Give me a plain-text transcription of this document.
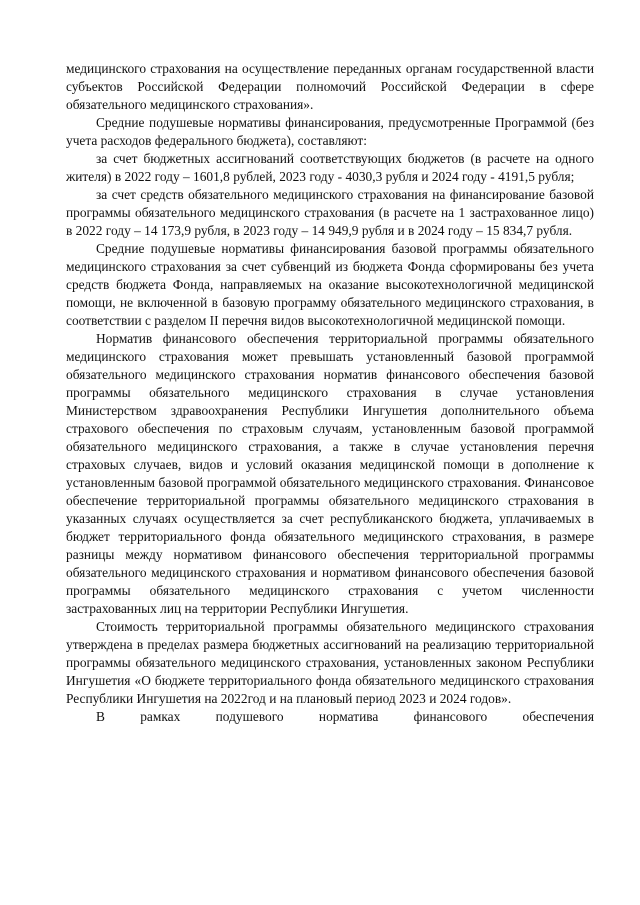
медицинского страхования на осуществление переданных органам государственной власти субъектов Российской Федерации полномочий Российской Федерации в сфере обязательного медицинского страхования».

Средние подушевые нормативы финансирования, предусмотренные Программой (без учета расходов федерального бюджета), составляют:

за счет бюджетных ассигнований соответствующих бюджетов (в расчете на одного жителя) в 2022 году – 1601,8 рублей, 2023 году - 4030,3 рубля и 2024 году - 4191,5 рубля;

за счет средств обязательного медицинского страхования на финансирование базовой программы обязательного медицинского страхования (в расчете на 1 застрахованное лицо) в 2022 году – 14 173,9 рубля, в 2023 году – 14 949,9 рубля и в 2024 году – 15 834,7 рубля.

Средние подушевые нормативы финансирования базовой программы обязательного медицинского страхования за счет субвенций из бюджета Фонда сформированы без учета средств бюджета Фонда, направляемых на оказание высокотехнологичной медицинской помощи, не включенной в базовую программу обязательного медицинского страхования, в соответствии с разделом II перечня видов высокотехнологичной медицинской помощи.

Норматив финансового обеспечения территориальной программы обязательного медицинского страхования может превышать установленный базовой программой обязательного медицинского страхования норматив финансового обеспечения базовой программы обязательного медицинского страхования в случае установления Министерством здравоохранения Республики Ингушетия дополнительного объема страхового обеспечения по страховым случаям, установленным базовой программой обязательного медицинского страхования, а также в случае установления перечня страховых случаев, видов и условий оказания медицинской помощи в дополнение к установленным базовой программой обязательного медицинского страхования. Финансовое обеспечение территориальной программы обязательного медицинского страхования в указанных случаях осуществляется за счет республиканского бюджета, уплачиваемых в бюджет территориального фонда обязательного медицинского страхования, в размере разницы между нормативом финансового обеспечения территориальной программы обязательного медицинского страхования и нормативом финансового обеспечения базовой программы обязательного медицинского страхования с учетом численности застрахованных лиц на территории Республики Ингушетия.

Стоимость территориальной программы обязательного медицинского страхования утверждена в пределах размера бюджетных ассигнований на реализацию территориальной программы обязательного медицинского страхования, установленных законом Республики Ингушетия «О бюджете территориального фонда обязательного медицинского страхования Республики Ингушетия на 2022год и на плановый период 2023 и 2024 годов».

В рамках подушевого норматива финансового обеспечения
